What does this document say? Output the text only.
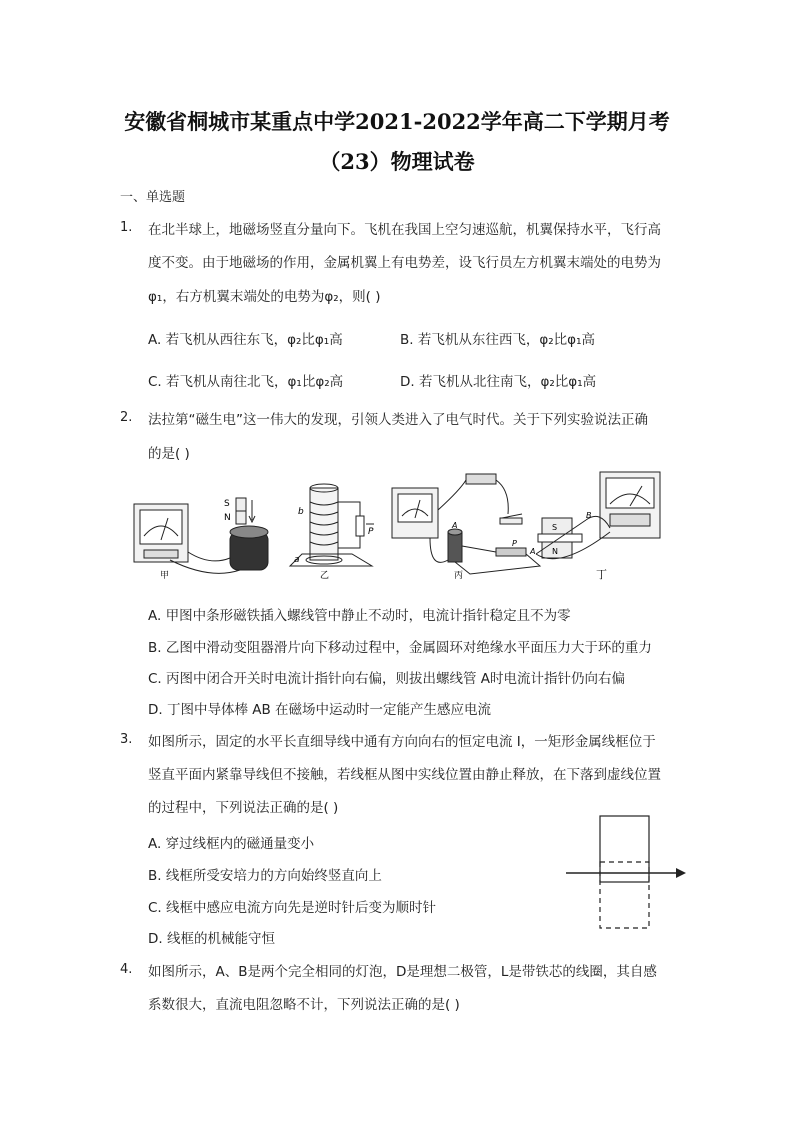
安徽省桐城市某重点中学2021-2022学年高二下学期月考
（23）物理试卷
一、单选题
1. 在北半球上，地磁场竖直分量向下。飞机在我国上空匀速巡航，机翼保持水平，飞行高
度不变。由于地磁场的作用，金属机翼上有电势差，设飞行员左方机翼末端处的电势为
φ₁，右方机翼末端处的电势为φ₂，则( )
A. 若飞机从西往东飞，φ₂比φ₁高	B. 若飞机从东往西飞，φ₂比φ₁高
C. 若飞机从南往北飞，φ₁比φ₂高	D. 若飞机从北往南飞，φ₂比φ₁高
2. 法拉第“磁生电”这一伟大的发现，引领人类进入了电气时代。关于下列实验说法正确
的是( )
S
N
甲
b
P
a
乙
A
P
丙
A
B
S
N
丁
A. 甲图中条形磁铁插入螺线管中静止不动时，电流计指针稳定且不为零
B. 乙图中滑动变阻器滑片向下移动过程中，金属圆环对绝缘水平面压力大于环的重力
C. 丙图中闭合开关时电流计指针向右偏，则拔出螺线管 A时电流计指针仍向右偏
D. 丁图中导体棒 AB 在磁场中运动时一定能产生感应电流
3. 如图所示，固定的水平长直细导线中通有方向向右的恒定电流 I，一矩形金属线框位于
竖直平面内紧靠导线但不接触，若线框从图中实线位置由静止释放，在下落到虚线位置
的过程中，下列说法正确的是( )
A. 穿过线框内的磁通量变小
B. 线框所受安培力的方向始终竖直向上
C. 线框中感应电流方向先是逆时针后变为顺时针
D. 线框的机械能守恒
4. 如图所示，A、B是两个完全相同的灯泡，D是理想二极管，L是带铁芯的线圈，其自感
系数很大，直流电阻忽略不计，下列说法正确的是( )
